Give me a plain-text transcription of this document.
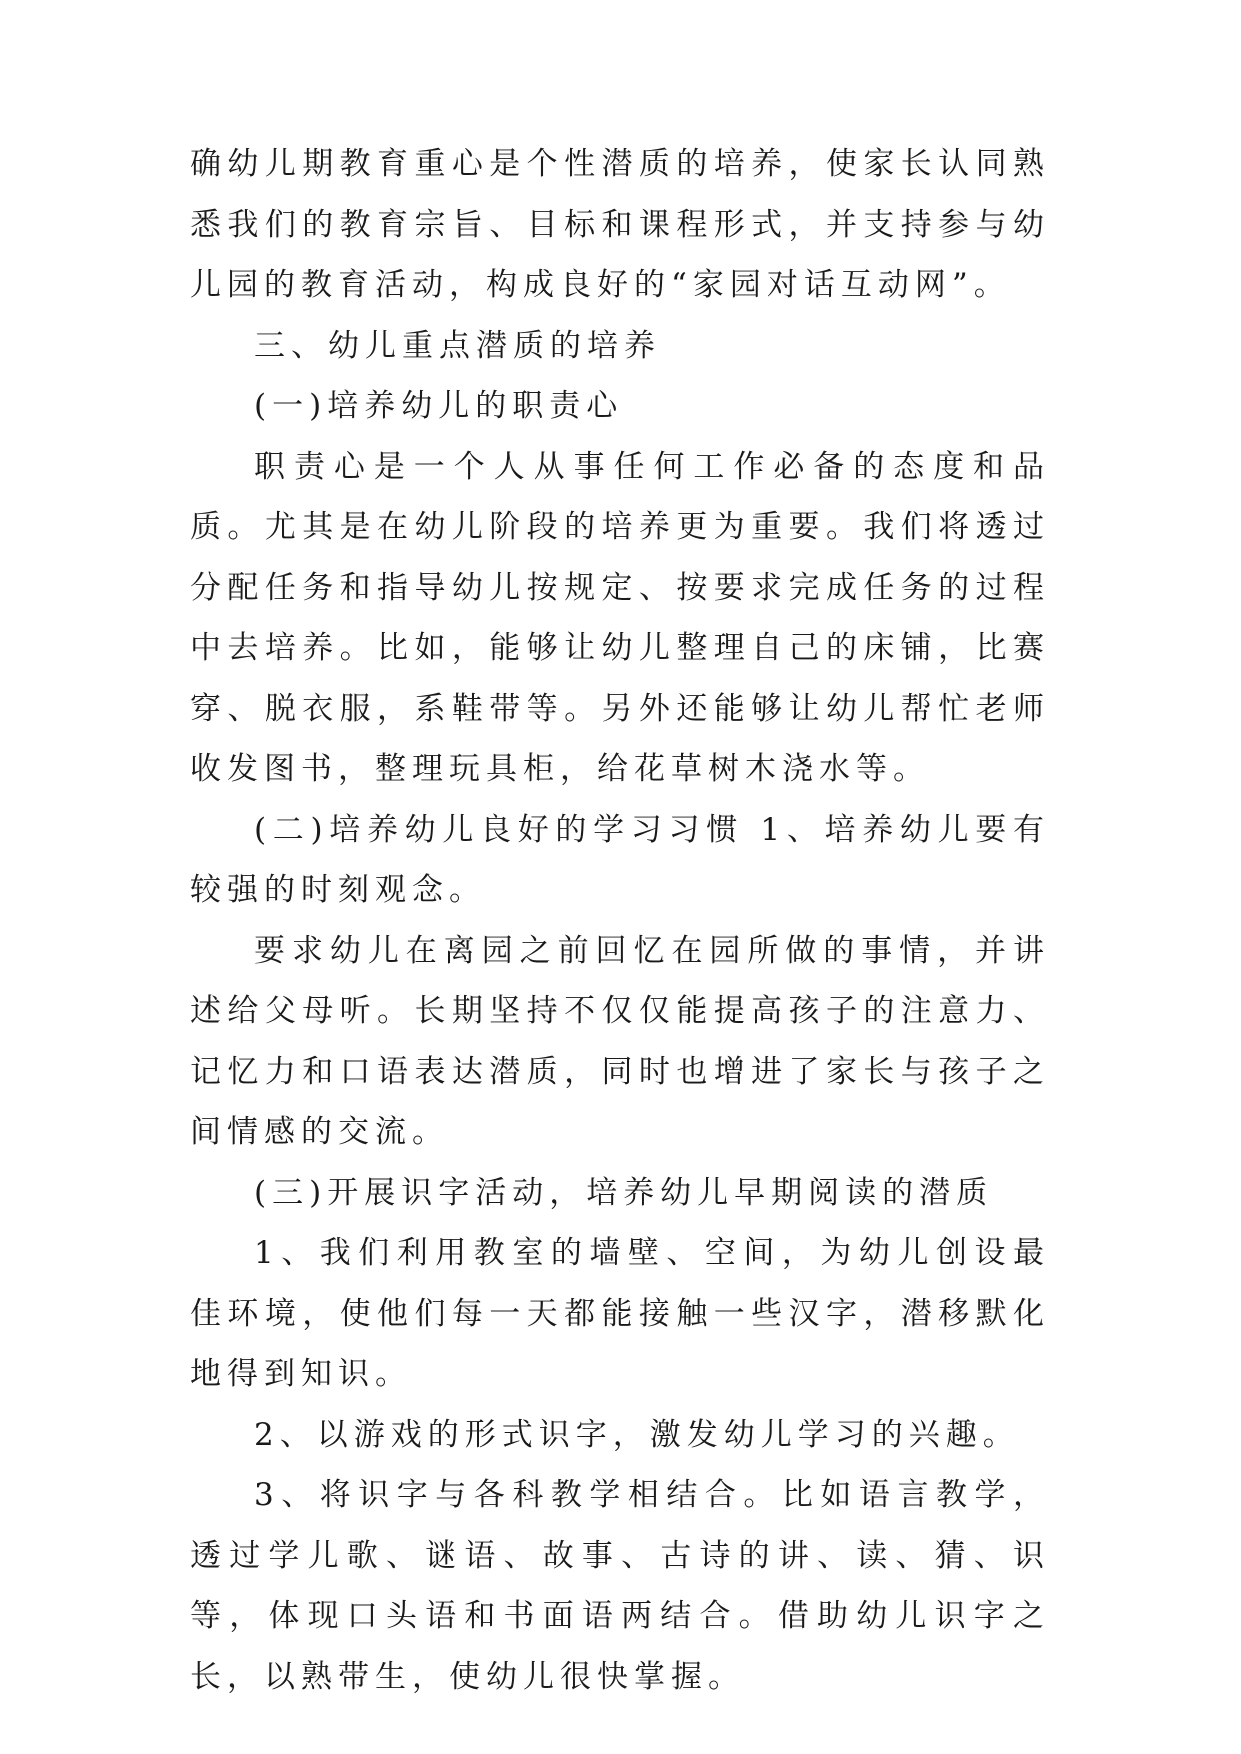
确幼儿期教育重心是个性潜质的培养，使家长认同熟悉我们的教育宗旨、目标和课程形式，并支持参与幼儿园的教育活动，构成良好的“家园对话互动网”。

三、幼儿重点潜质的培养

(一)培养幼儿的职责心

职责心是一个人从事任何工作必备的态度和品质。尤其是在幼儿阶段的培养更为重要。我们将透过分配任务和指导幼儿按规定、按要求完成任务的过程中去培养。比如，能够让幼儿整理自己的床铺，比赛穿、脱衣服，系鞋带等。另外还能够让幼儿帮忙老师收发图书，整理玩具柜，给花草树木浇水等。

(二)培养幼儿良好的学习习惯 1、培养幼儿要有较强的时刻观念。

要求幼儿在离园之前回忆在园所做的事情，并讲述给父母听。长期坚持不仅仅能提高孩子的注意力、记忆力和口语表达潜质，同时也增进了家长与孩子之间情感的交流。

(三)开展识字活动，培养幼儿早期阅读的潜质

1、我们利用教室的墙壁、空间，为幼儿创设最佳环境，使他们每一天都能接触一些汉字，潜移默化地得到知识。

2、以游戏的形式识字，激发幼儿学习的兴趣。

3、将识字与各科教学相结合。比如语言教学，透过学儿歌、谜语、故事、古诗的讲、读、猜、识等，体现口头语和书面语两结合。借助幼儿识字之长，以熟带生，使幼儿很快掌握。
